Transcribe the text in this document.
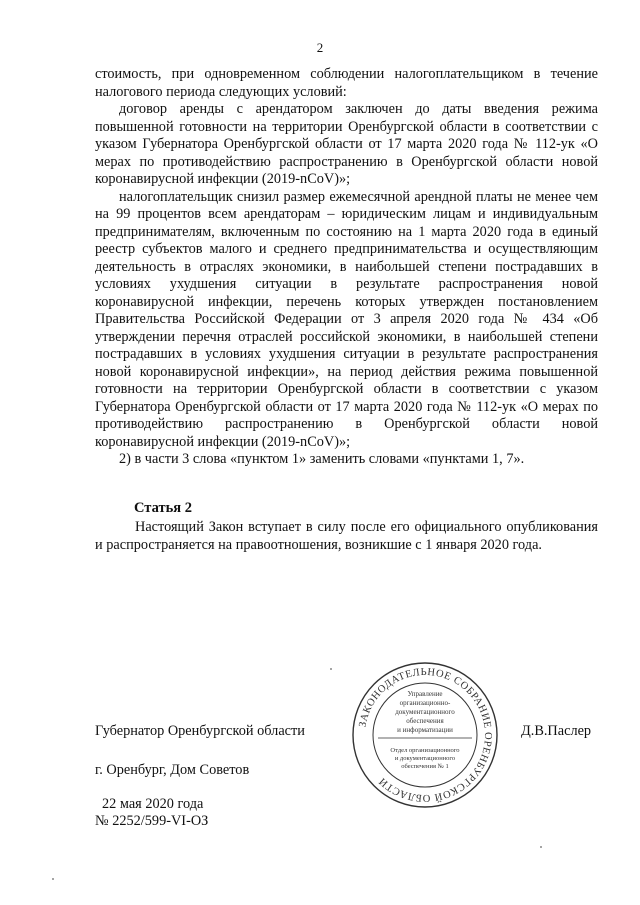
2

стоимость, при одновременном соблюдении налогоплательщиком в течение налогового периода следующих условий:

договор аренды с арендатором заключен до даты введения режима повышенной готовности на территории Оренбургской области в соответствии с указом Губернатора Оренбургской области от 17 марта 2020 года № 112-ук «О мерах по противодействию распространению в Оренбургской области новой коронавирусной инфекции (2019-nCoV)»;

налогоплательщик снизил размер ежемесячной арендной платы не менее чем на 99 процентов всем арендаторам – юридическим лицам и индивидуальным предпринимателям, включенным по состоянию на 1 марта 2020 года в единый реестр субъектов малого и среднего предпринимательства и осуществляющим деятельность в отраслях экономики, в наибольшей степени пострадавших в условиях ухудшения ситуации в результате распространения новой коронавирусной инфекции, перечень которых утвержден постановлением Правительства Российской Федерации от 3 апреля 2020 года № 434 «Об утверждении перечня отраслей российской экономики, в наибольшей степени пострадавших в условиях ухудшения ситуации в результате распространения новой коронавирусной инфекции», на период действия режима повышенной готовности на территории Оренбургской области в соответствии с указом Губернатора Оренбургской области от 17 марта 2020 года № 112-ук «О мерах по противодействию распространению в Оренбургской области новой коронавирусной инфекции (2019-nCoV)»;

2) в части 3 слова «пунктом 1» заменить словами «пунктами 1, 7».

Статья 2

Настоящий Закон вступает в силу после его официального опубликования и распространяется на правоотношения, возникшие с 1 января 2020 года.

Губернатор Оренбургской области	Д.В.Паслер
г. Оренбург, Дом Советов
22 мая 2020 года
№ 2252/599-VI-ОЗ
ЗАКОНОДАТЕЛЬНОЕ СОБРАНИЕ ОРЕНБУРГСКОЙ ОБЛАСТИ
Управление
организационно-
документационного
обеспечения
и информатизации
Отдел организационного
и документационного
обеспечения № 1
